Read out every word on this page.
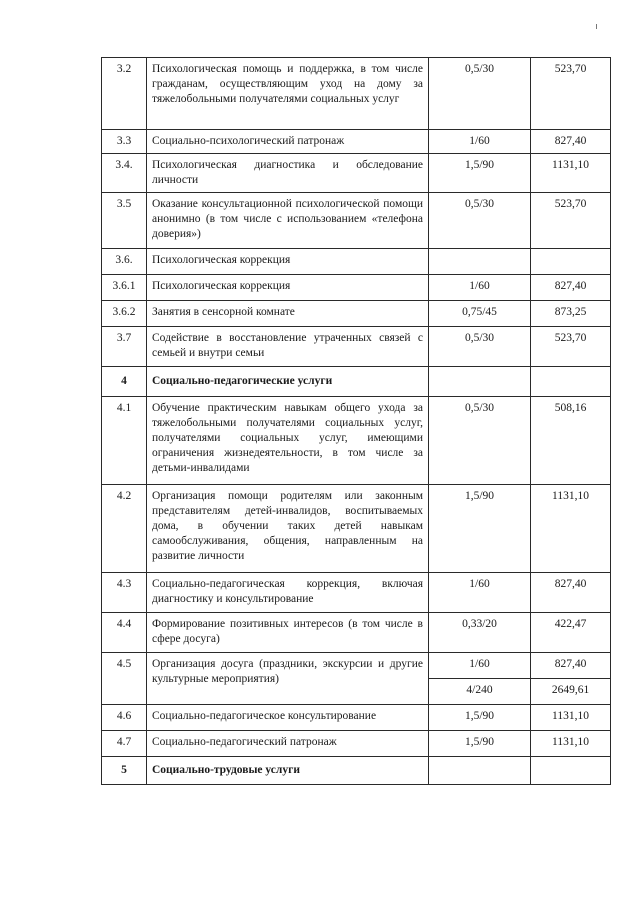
3.2	Психологическая помощь и поддержка, в том числе гражданам, осуществляющим уход на дому за тяжелобольными получателями социальных услуг	0,5/30	523,70
3.3	Социально-психологический патронаж	1/60	827,40
3.4.	Психологическая диагностика и обследование личности	1,5/90	1131,10
3.5	Оказание консультационной психологической помощи анонимно (в том числе с использованием «телефона доверия»)	0,5/30	523,70
3.6.	Психологическая коррекция		
3.6.1	Психологическая коррекция	1/60	827,40
3.6.2	Занятия в сенсорной комнате	0,75/45	873,25
3.7	Содействие в восстановление утраченных связей с семьей и внутри семьи	0,5/30	523,70
4	Социально-педагогические услуги		
4.1	Обучение практическим навыкам общего ухода за тяжелобольными получателями социальных услуг, получателями социальных услуг, имеющими ограничения жизнедеятельности, в том числе за детьми-инвалидами	0,5/30	508,16
4.2	Организация помощи родителям или законным представителям детей-инвалидов, воспитываемых дома, в обучении таких детей навыкам самообслуживания, общения, направленным на развитие личности	1,5/90	1131,10
4.3	Социально-педагогическая коррекция, включая диагностику и консультирование	1/60	827,40
4.4	Формирование позитивных интересов (в том числе в сфере досуга)	0,33/20	422,47
4.5	Организация досуга (праздники, экскурсии и другие культурные мероприятия)	1/60	827,40
		4/240	2649,61
4.6	Социально-педагогическое консультирование	1,5/90	1131,10
4.7	Социально-педагогический патронаж	1,5/90	1131,10
5	Социально-трудовые услуги		
